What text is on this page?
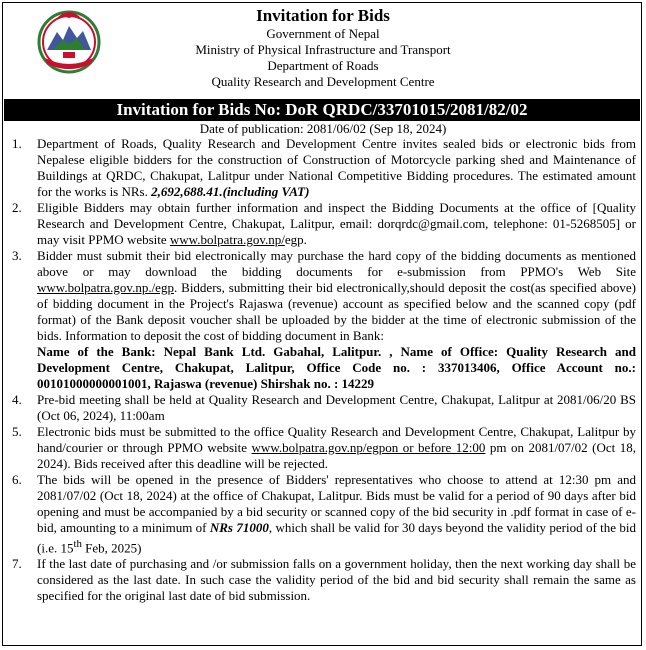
Invitation for Bids
Government of Nepal
Ministry of Physical Infrastructure and Transport
Department of Roads
Quality Research and Development Centre
Invitation for Bids No: DoR QRDC/33701015/2081/82/02
Date of publication: 2081/06/02 (Sep 18, 2024)
1. Department of Roads, Quality Research and Development Centre invites sealed bids or electronic bids from Nepalese eligible bidders for the construction of Construction of Motorcycle parking shed and Maintenance of Buildings at QRDC, Chakupat, Lalitpur under National Competitive Bidding procedures. The estimated amount for the works is NRs. 2,692,688.41.(including VAT)
2. Eligible Bidders may obtain further information and inspect the Bidding Documents at the office of [Quality Research and Development Centre, Chakupat, Lalitpur, email: dorqrdc@gmail.com, telephone: 01-5268505] or may visit PPMO website www.bolpatra.gov.np/egp.
3. Bidder must submit their bid electronically may purchase the hard copy of the bidding documents as mentioned above or may download the bidding documents for e-submission from PPMO's Web Site www.bolpatra.gov.np./egp. Bidders, submitting their bid electronically,should deposit the cost(as specified above) of bidding document in the Project's Rajaswa (revenue) account as specified below and the scanned copy (pdf format) of the Bank deposit voucher shall be uploaded by the bidder at the time of electronic submission of the bids. Information to deposit the cost of bidding document in Bank:
Name of the Bank: Nepal Bank Ltd. Gabahal, Lalitpur. , Name of Office: Quality Research and Development Centre, Chakupat, Lalitpur, Office Code no. : 337013406, Office Account no.: 00101000000001001, Rajaswa (revenue) Shirshak no. : 14229
4. Pre-bid meeting shall be held at Quality Research and Development Centre, Chakupat, Lalitpur at 2081/06/20 BS (Oct 06, 2024), 11:00am
5. Electronic bids must be submitted to the office Quality Research and Development Centre, Chakupat, Lalitpur by hand/courier or through PPMO website www.bolpatra.gov.np/egpon or before 12:00 pm on 2081/07/02 (Oct 18, 2024). Bids received after this deadline will be rejected.
6. The bids will be opened in the presence of Bidders' representatives who choose to attend at 12:30 pm and 2081/07/02 (Oct 18, 2024) at the office of Chakupat, Lalitpur. Bids must be valid for a period of 90 days after bid opening and must be accompanied by a bid security or scanned copy of the bid security in .pdf format in case of e-bid, amounting to a minimum of NRs 71000, which shall be valid for 30 days beyond the validity period of the bid (i.e. 15th Feb, 2025)
7. If the last date of purchasing and /or submission falls on a government holiday, then the next working day shall be considered as the last date. In such case the validity period of the bid and bid security shall remain the same as specified for the original last date of bid submission.
